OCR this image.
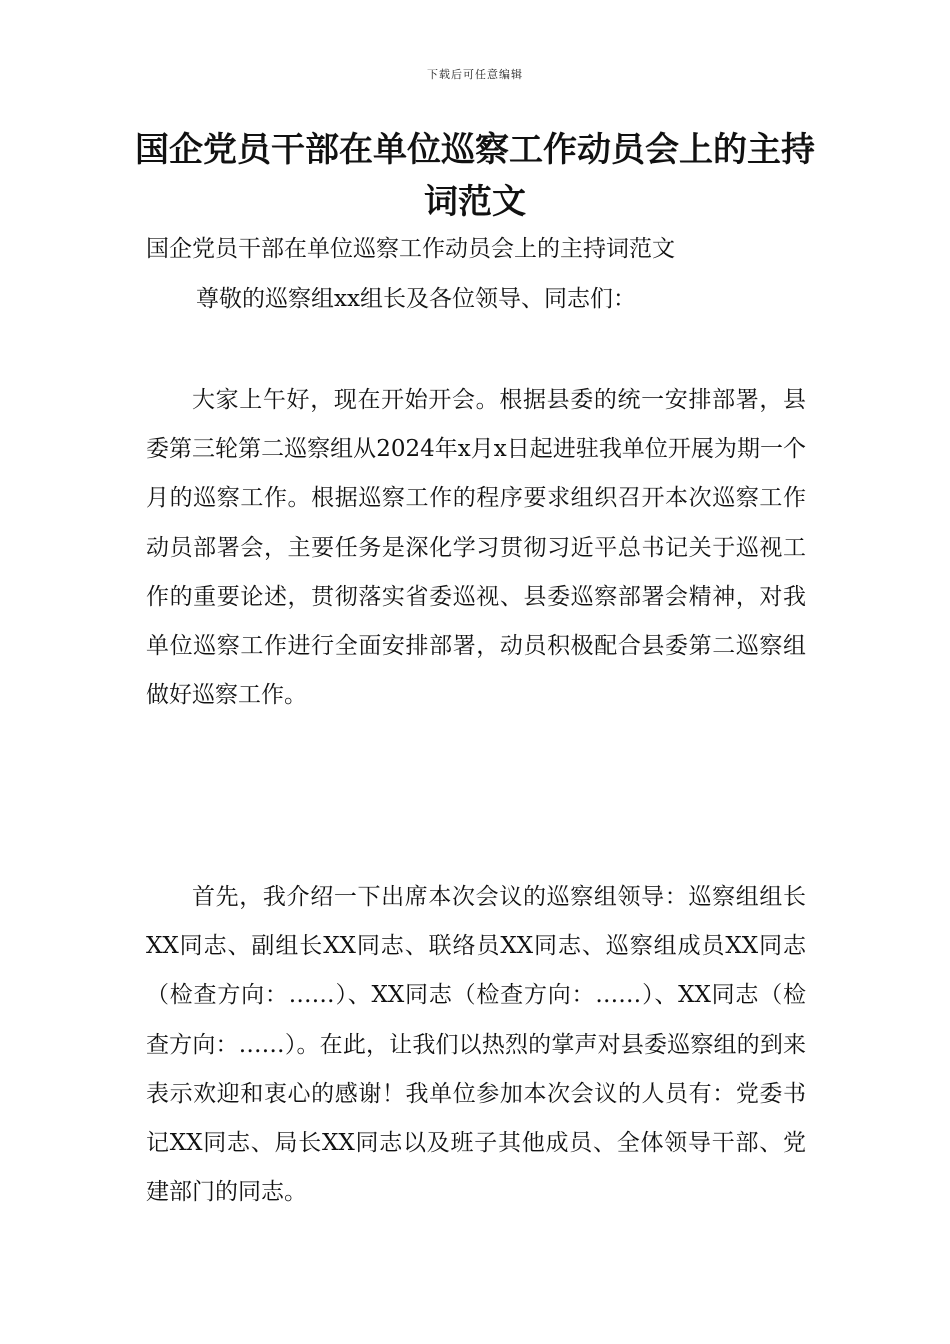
下载后可任意编辑
国企党员干部在单位巡察工作动员会上的主持词范文
国企党员干部在单位巡察工作动员会上的主持词范文
尊敬的巡察组xx组长及各位领导、同志们：

大家上午好，现在开始开会。根据县委的统一安排部署，县委第三轮第二巡察组从2024年x月x日起进驻我单位开展为期一个月的巡察工作。根据巡察工作的程序要求组织召开本次巡察工作动员部署会，主要任务是深化学习贯彻习近平总书记关于巡视工作的重要论述，贯彻落实省委巡视、县委巡察部署会精神，对我单位巡察工作进行全面安排部署，动员积极配合县委第二巡察组做好巡察工作。

首先，我介绍一下出席本次会议的巡察组领导：巡察组组长XX同志、副组长XX同志、联络员XX同志、巡察组成员XX同志（检查方向：……）、XX同志（检查方向：……）、XX同志（检查方向：……）。在此，让我们以热烈的掌声对县委巡察组的到来表示欢迎和衷心的感谢！我单位参加本次会议的人员有：党委书记XX同志、局长XX同志以及班子其他成员、全体领导干部、党建部门的同志。
